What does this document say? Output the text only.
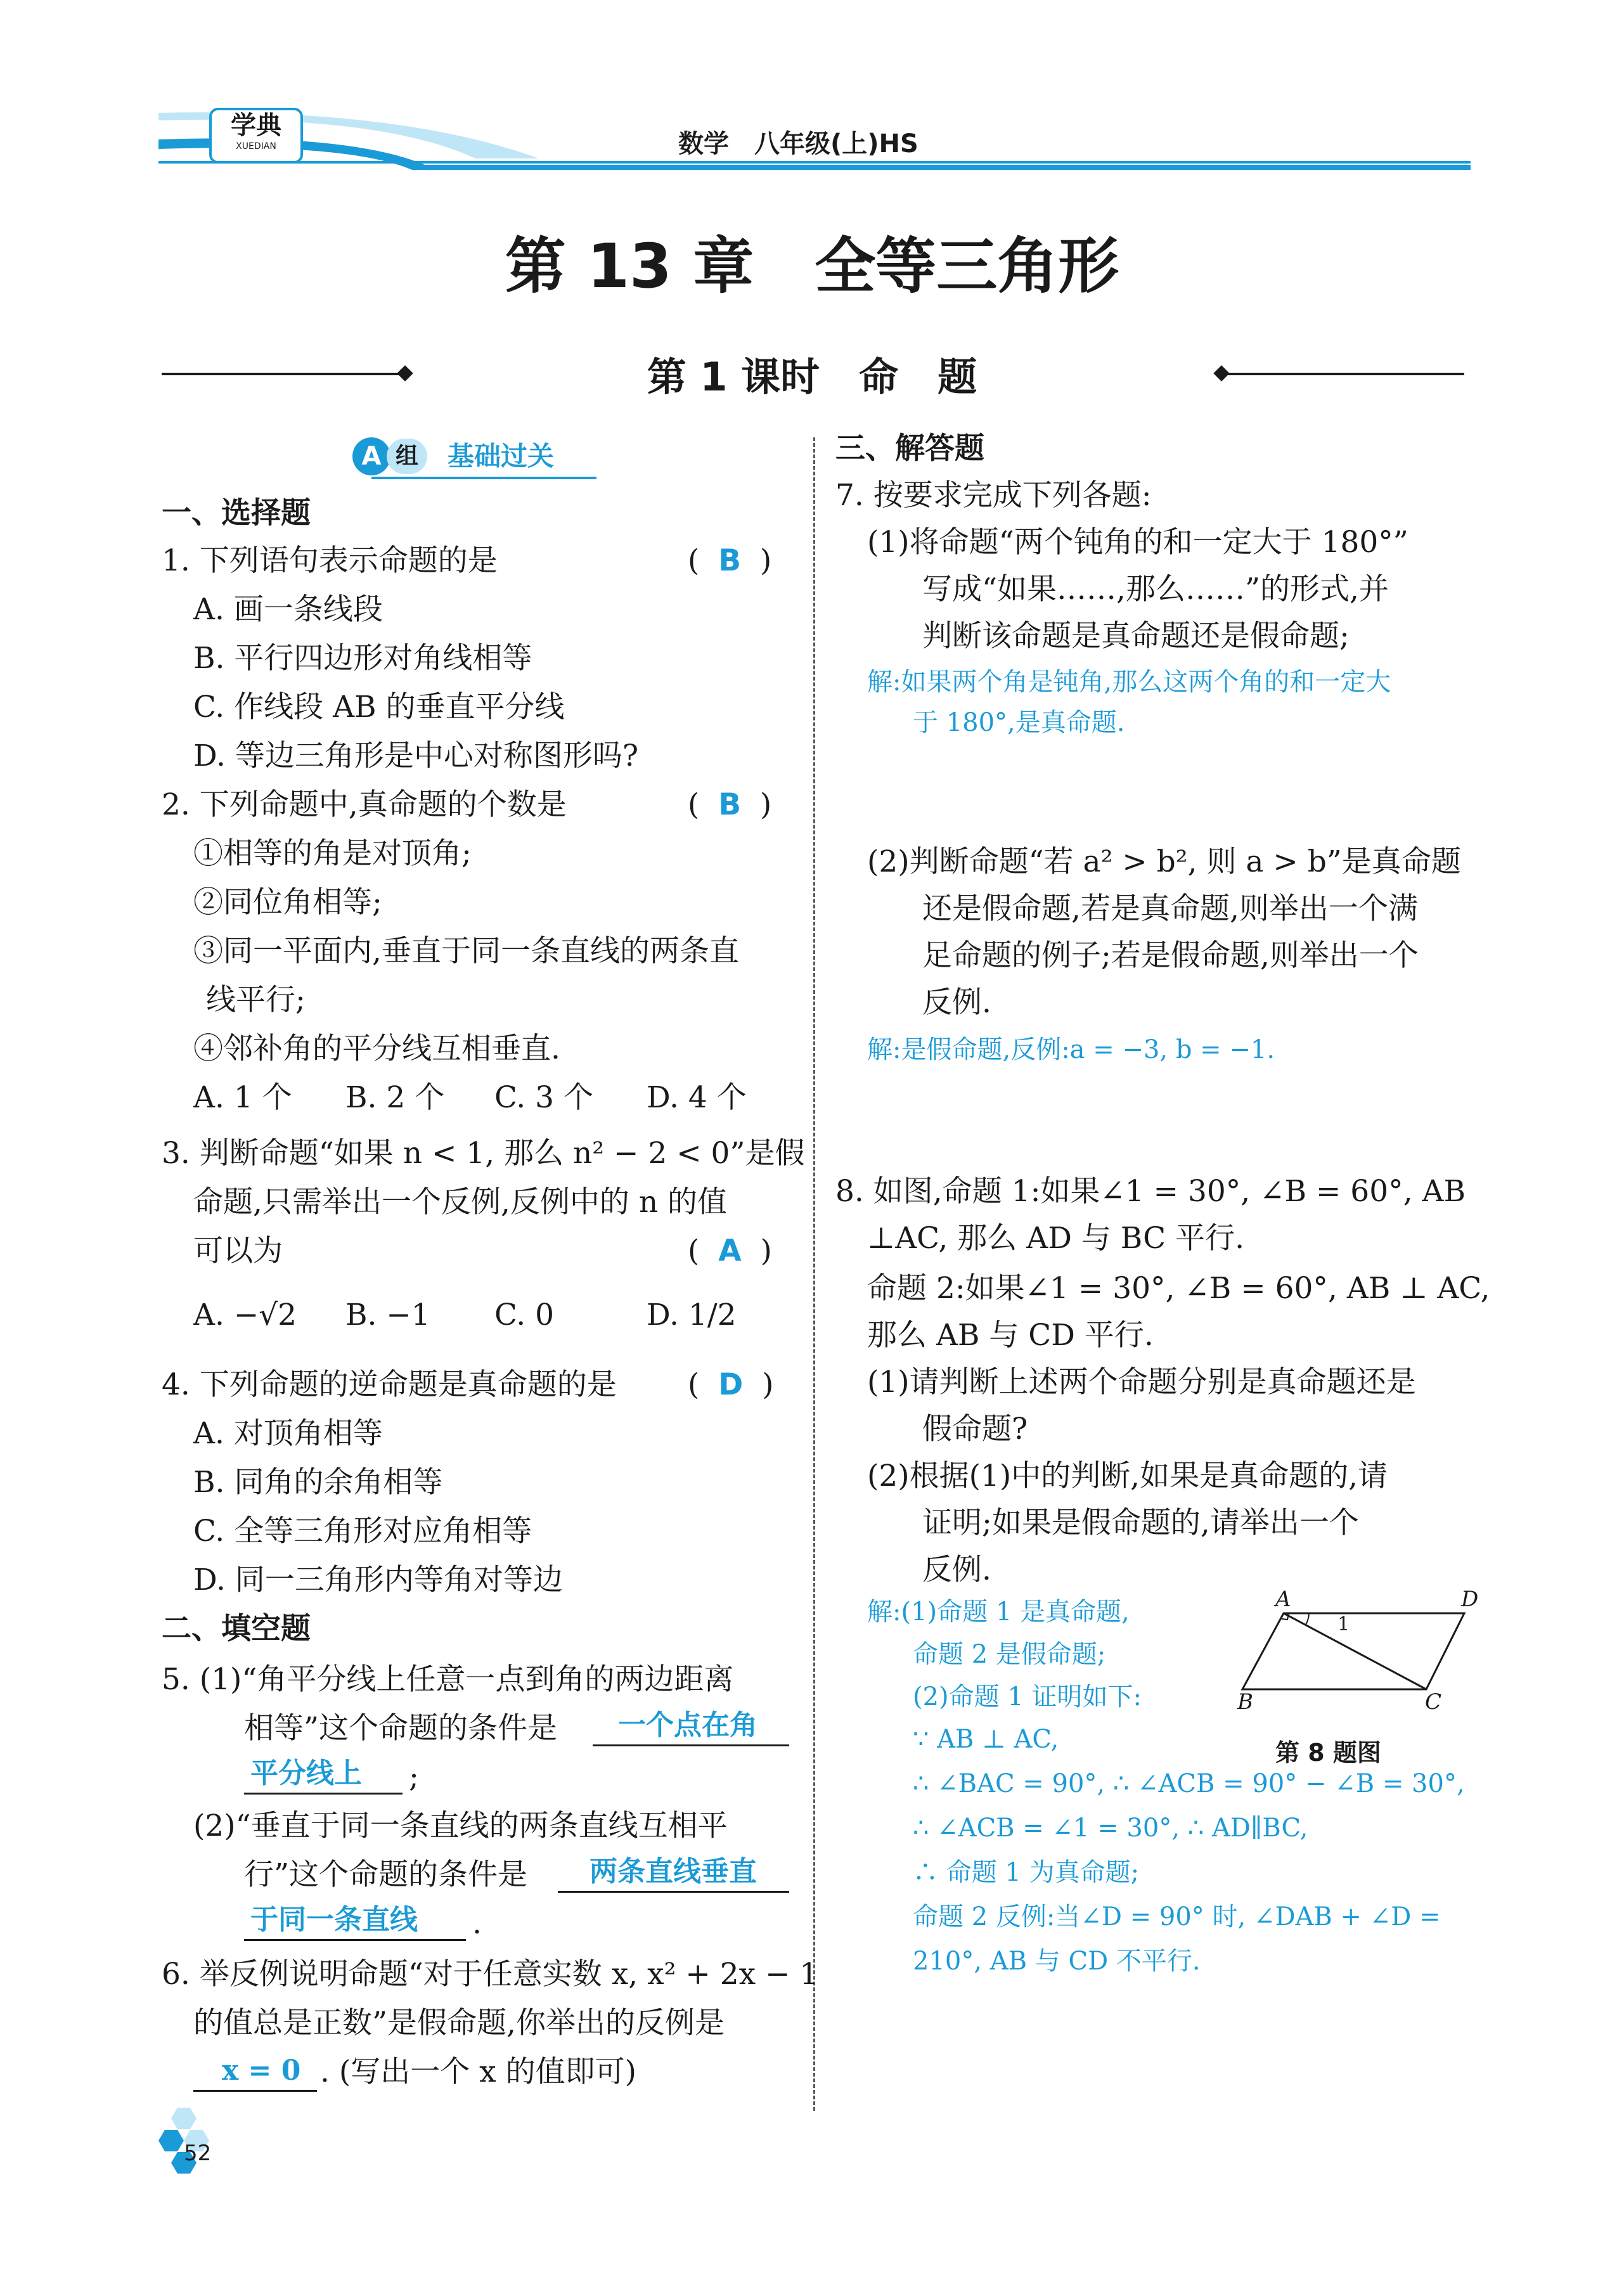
学典
XUEDIAN	数学　八年级(上)HS
第 13 章　全等三角形
第 1 课时　命　题
A 组	基础过关
一、选择题
1. 下列语句表示命题的是	(  B  )
A. 画一条线段
B. 平行四边形对角线相等
C. 作线段 AB 的垂直平分线
D. 等边三角形是中心对称图形吗?
2. 下列命题中,真命题的个数是	(  B  )
①相等的角是对顶角;
②同位角相等;
③同一平面内,垂直于同一条直线的两条直
线平行;
④邻补角的平分线互相垂直.
A. 1 个 B. 2 个 C. 3 个 D. 4 个
3. 判断命题“如果 n < 1, 那么 n² − 2 < 0”是假
命题,只需举出一个反例,反例中的 n 的值
可以为	(  A  )
A. −√2 B. −1 C. 0	D. 1/2
4. 下列命题的逆命题是真命题的是 (  D  )
A. 对顶角相等
B. 同角的余角相等
C. 全等三角形对应角相等
D. 同一三角形内等角对等边
二、填空题
5. (1)“角平分线上任意一点到角的两边距离
相等”这个命题的条件是 一个点在角
平分线上 ;
(2)“垂直于同一条直线的两条直线互相平
行”这个命题的条件是 两条直线垂直
于同一条直线 .
6. 举反例说明命题“对于任意实数 x, x² + 2x − 1
的值总是正数”是假命题,你举出的反例是
x = 0 . (写出一个 x 的值即可)
三、解答题
7. 按要求完成下列各题:
(1)将命题“两个钝角的和一定大于 180°”
写成“如果……,那么……”的形式,并
判断该命题是真命题还是假命题;
解:如果两个角是钝角,那么这两个角的和一定大
于 180°,是真命题.
(2)判断命题“若 a² > b², 则 a > b”是真命题
还是假命题,若是真命题,则举出一个满
足命题的例子;若是假命题,则举出一个
反例.
解:是假命题,反例:a = −3, b = −1.
8. 如图,命题 1:如果∠1 = 30°, ∠B = 60°, AB
⊥AC, 那么 AD 与 BC 平行.
命题 2:如果∠1 = 30°, ∠B = 60°, AB ⊥ AC,
那么 AB 与 CD 平行.
(1)请判断上述两个命题分别是真命题还是
假命题?
(2)根据(1)中的判断,如果是真命题的,请
证明;如果是假命题的,请举出一个
反例.
解:(1)命题 1 是真命题,
命题 2 是假命题;
(2)命题 1 证明如下:
∵ AB ⊥ AC,
∴ ∠BAC = 90°, ∴ ∠ACB = 90° − ∠B = 30°,
∴ ∠ACB = ∠1 = 30°, ∴ AD∥BC,
∴ 命题 1 为真命题;
命题 2 反例:当∠D = 90° 时, ∠DAB + ∠D =
210°, AB 与 CD 不平行.
A	D
B	C
1
第 8 题图
52
